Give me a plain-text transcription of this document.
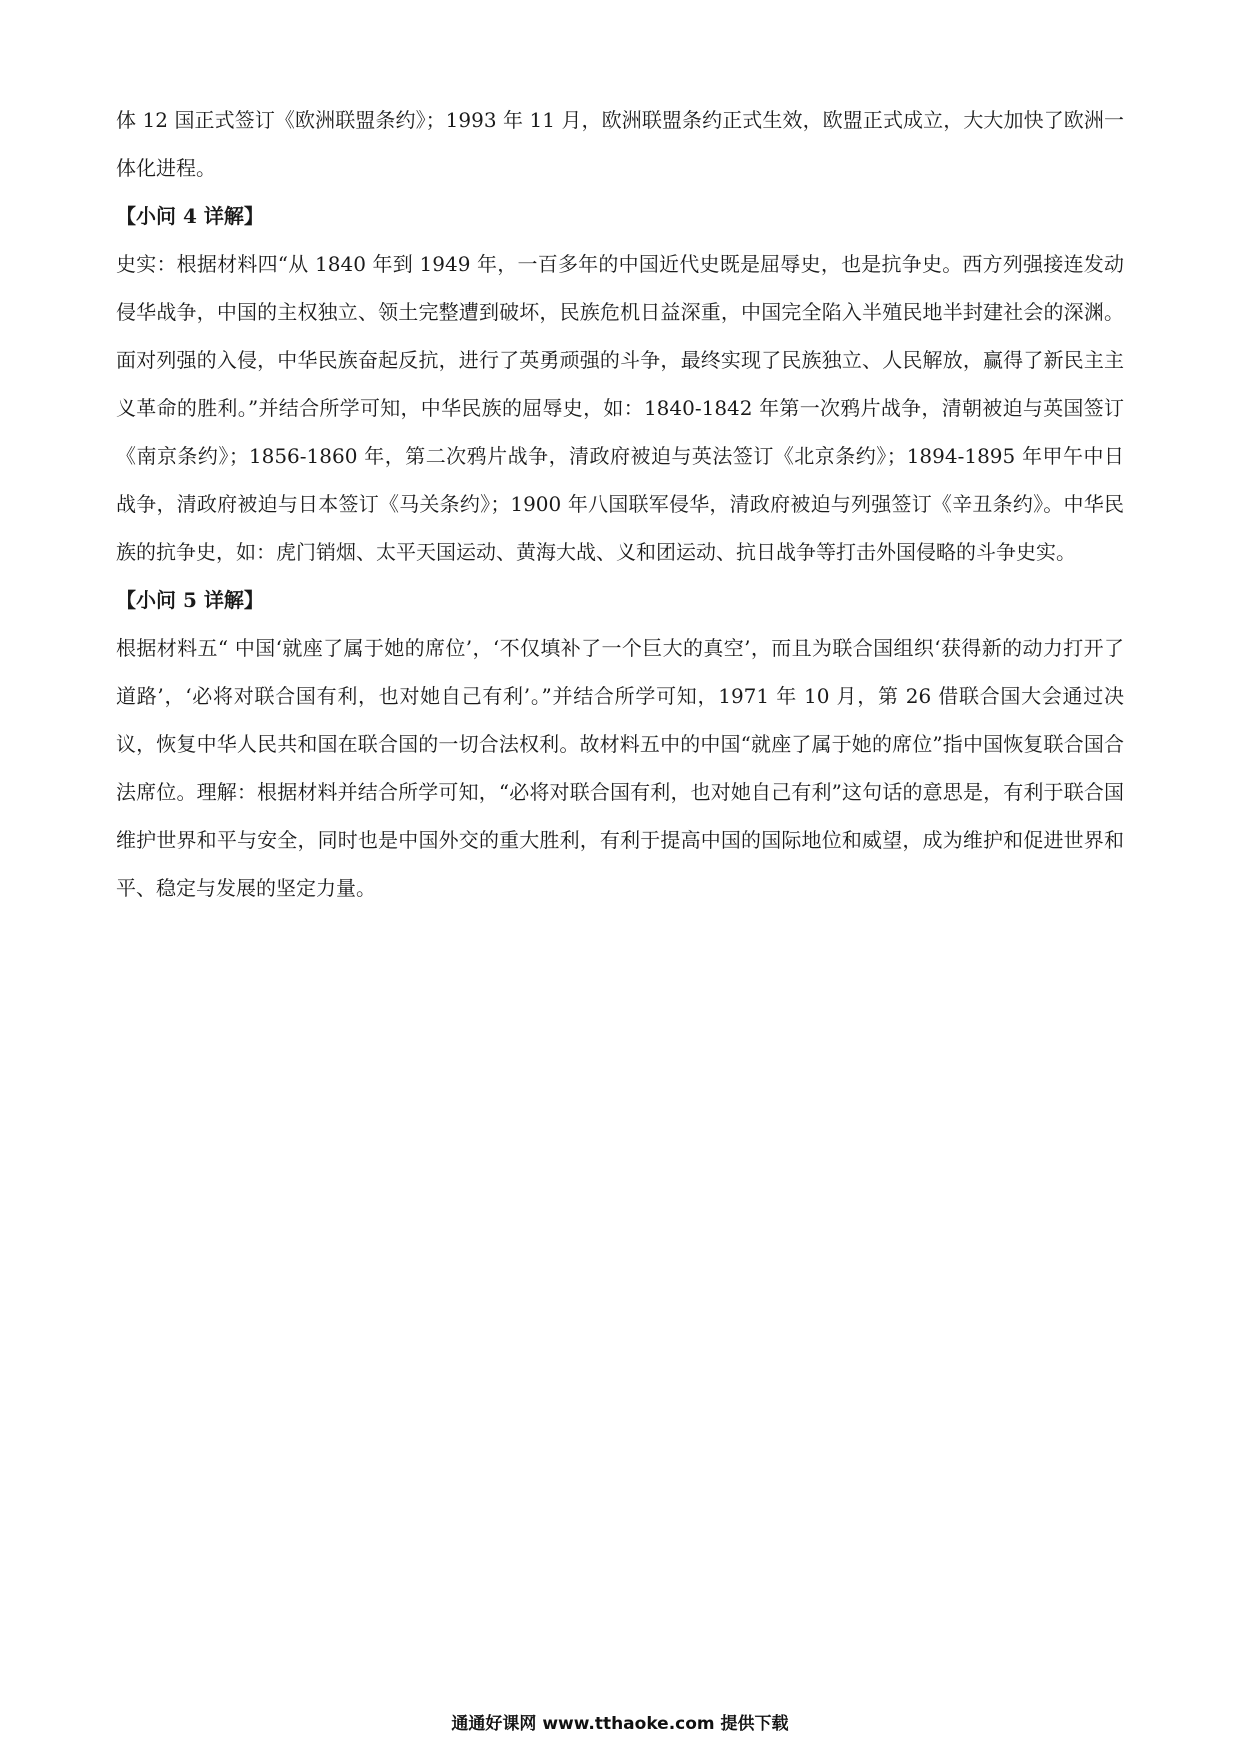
体 12 国正式签订《欧洲联盟条约》；1993 年 11 月，欧洲联盟条约正式生效，欧盟正式成立，大大加快了欧洲一体化进程。

【小问 4 详解】

史实：根据材料四“从 1840 年到 1949 年，一百多年的中国近代史既是屈辱史，也是抗争史。西方列强接连发动侵华战争，中国的主权独立、领土完整遭到破坏，民族危机日益深重，中国完全陷入半殖民地半封建社会的深渊。面对列强的入侵，中华民族奋起反抗，进行了英勇顽强的斗争，最终实现了民族独立、人民解放，赢得了新民主主义革命的胜利。”并结合所学可知，中华民族的屈辱史，如：1840-1842 年第一次鸦片战争，清朝被迫与英国签订《南京条约》；1856-1860 年，第二次鸦片战争，清政府被迫与英法签订《北京条约》；1894-1895 年甲午中日战争，清政府被迫与日本签订《马关条约》；1900 年八国联军侵华，清政府被迫与列强签订《辛丑条约》。中华民族的抗争史，如：虎门销烟、太平天国运动、黄海大战、义和团运动、抗日战争等打击外国侵略的斗争史实。

【小问 5 详解】

根据材料五“ 中国‘就座了属于她的席位’，‘不仅填补了一个巨大的真空’，而且为联合国组织‘获得新的动力打开了道路’，‘必将对联合国有利，也对她自己有利’。”并结合所学可知，1971 年 10 月，第 26 借联合国大会通过决议，恢复中华人民共和国在联合国的一切合法权利。故材料五中的中国“就座了属于她的席位”指中国恢复联合国合法席位。理解：根据材料并结合所学可知，“必将对联合国有利，也对她自己有利”这句话的意思是，有利于联合国维护世界和平与安全，同时也是中国外交的重大胜利，有利于提高中国的国际地位和威望，成为维护和促进世界和平、稳定与发展的坚定力量。

通通好课网 www.tthaoke.com 提供下载
